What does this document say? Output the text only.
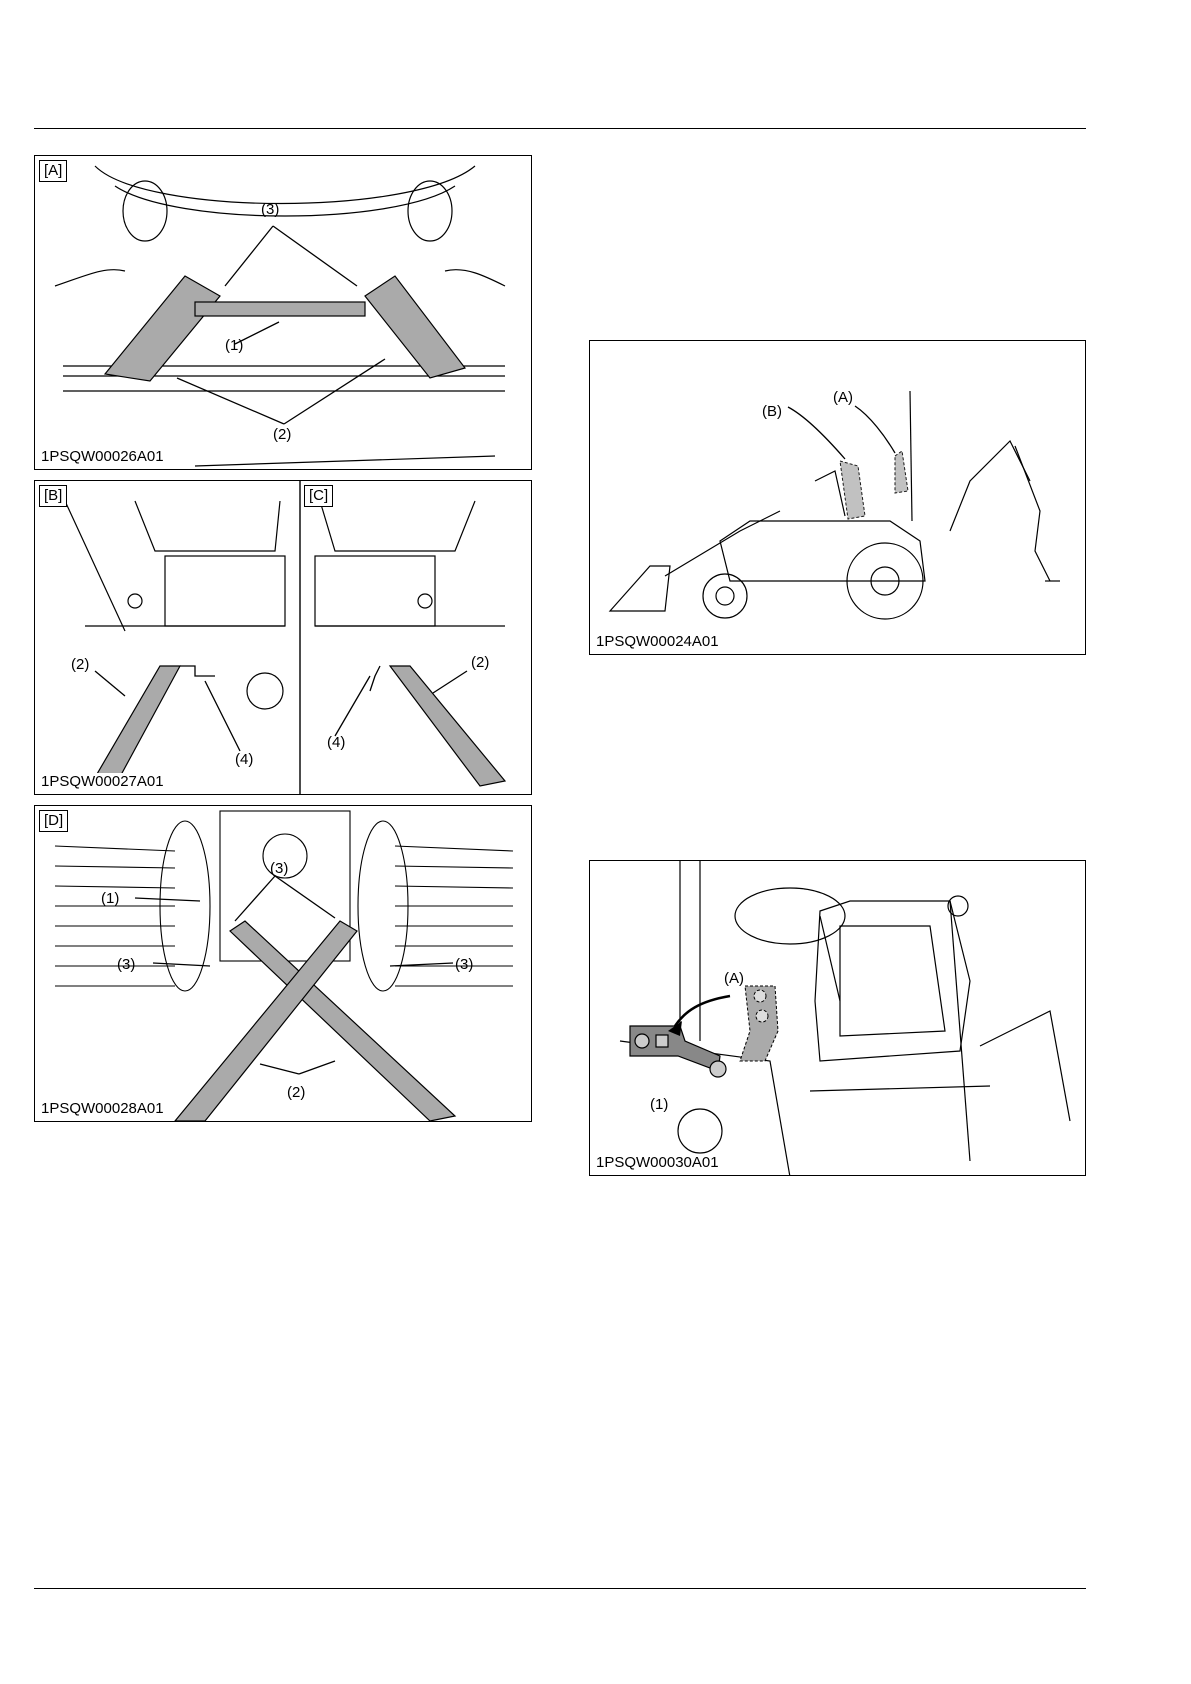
[A]
(3)
(1)
(2)
1PSQW00026A01
[B]	[C]
(2)
(4)
(4)
(2)
1PSQW00027A01
[D]
(1)
(3)
(3)
(3)
(2)
1PSQW00028A01
(A)
(B)
1PSQW00024A01
(A)
(1)
1PSQW00030A01
